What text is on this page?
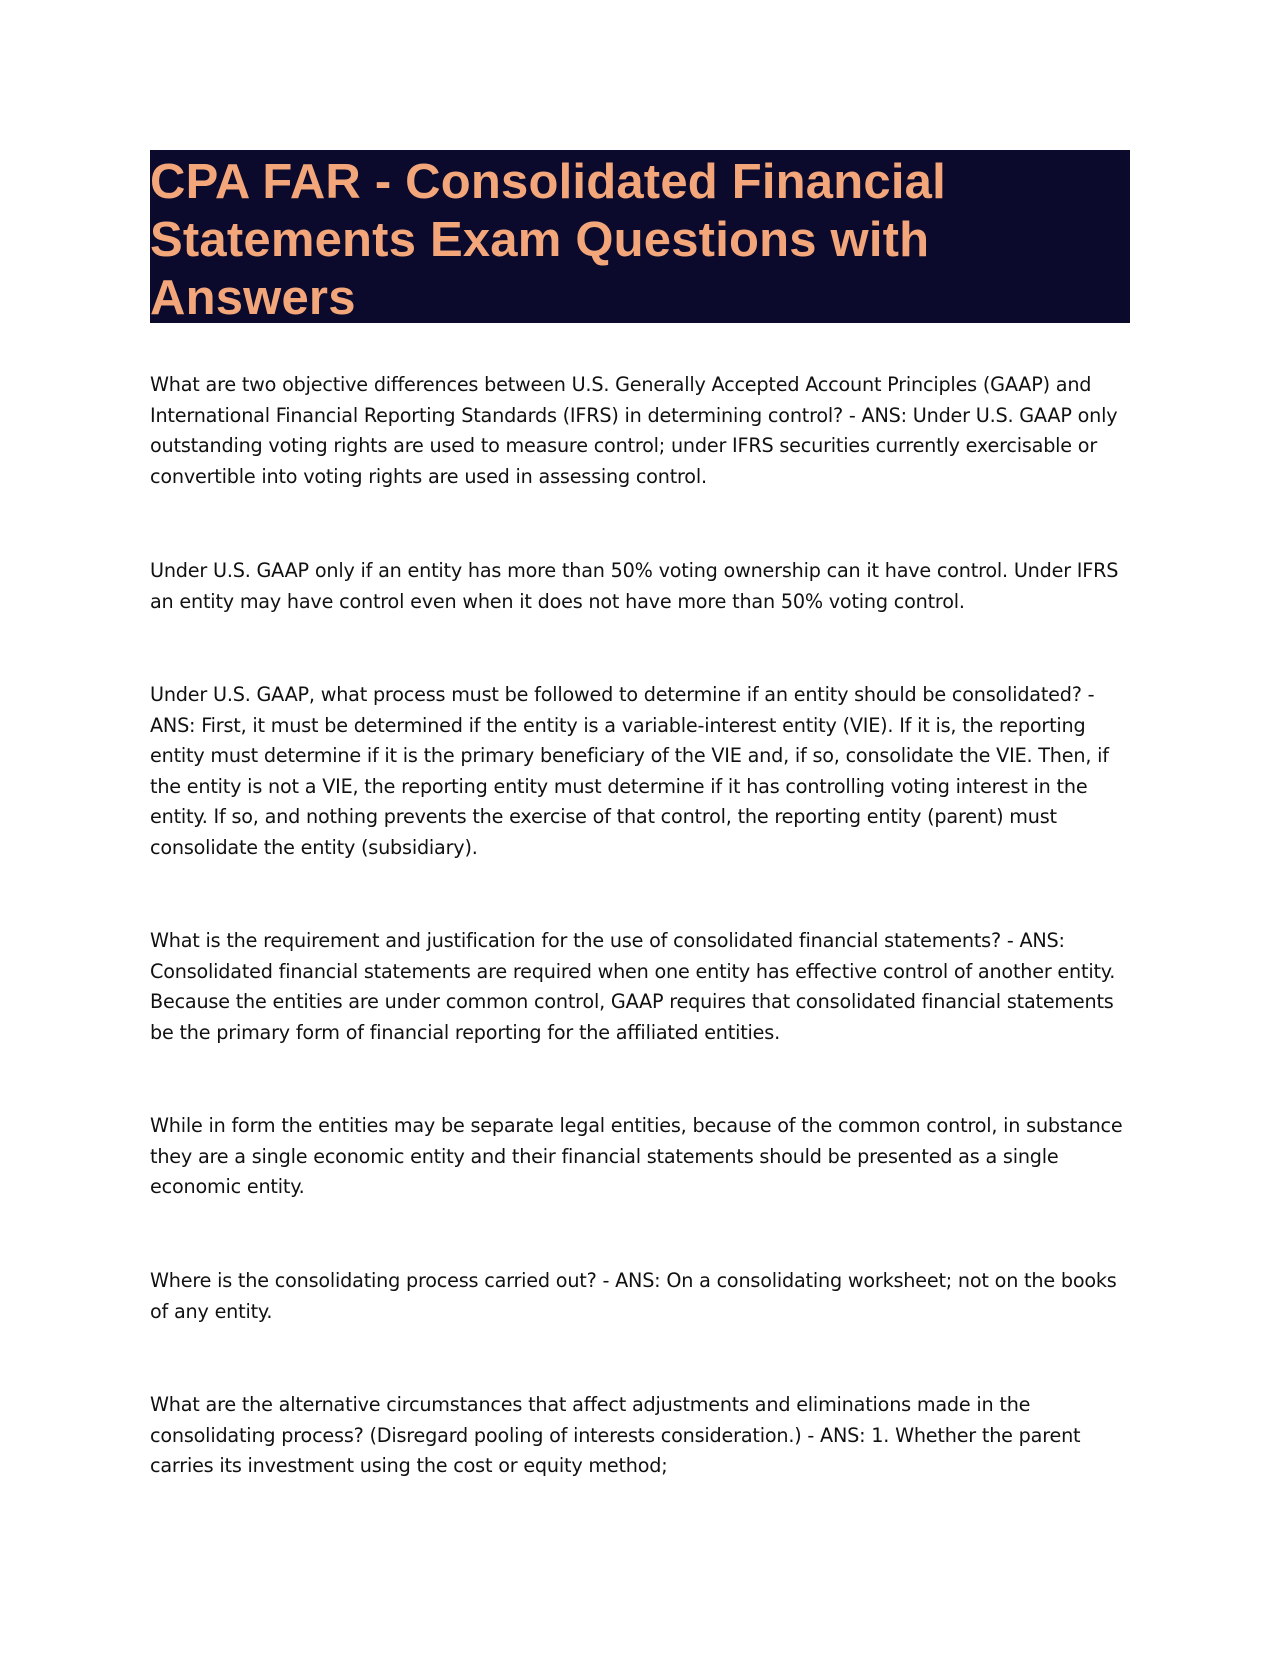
CPA FAR - Consolidated Financial Statements Exam Questions with Answers

What are two objective differences between U.S. Generally Accepted Account Principles (GAAP) and International Financial Reporting Standards (IFRS) in determining control? - ANS: Under U.S. GAAP only outstanding voting rights are used to measure control; under IFRS securities currently exercisable or convertible into voting rights are used in assessing control.

Under U.S. GAAP only if an entity has more than 50% voting ownership can it have control. Under IFRS an entity may have control even when it does not have more than 50% voting control.

Under U.S. GAAP, what process must be followed to determine if an entity should be consolidated? - ANS: First, it must be determined if the entity is a variable-interest entity (VIE). If it is, the reporting entity must determine if it is the primary beneficiary of the VIE and, if so, consolidate the VIE. Then, if the entity is not a VIE, the reporting entity must determine if it has controlling voting interest in the entity. If so, and nothing prevents the exercise of that control, the reporting entity (parent) must consolidate the entity (subsidiary).

What is the requirement and justification for the use of consolidated financial statements? - ANS: Consolidated financial statements are required when one entity has effective control of another entity. Because the entities are under common control, GAAP requires that consolidated financial statements be the primary form of financial reporting for the affiliated entities.

While in form the entities may be separate legal entities, because of the common control, in substance they are a single economic entity and their financial statements should be presented as a single economic entity.

Where is the consolidating process carried out? - ANS: On a consolidating worksheet; not on the books of any entity.

What are the alternative circumstances that affect adjustments and eliminations made in the consolidating process? (Disregard pooling of interests consideration.) - ANS: 1. Whether the parent carries its investment using the cost or equity method;
